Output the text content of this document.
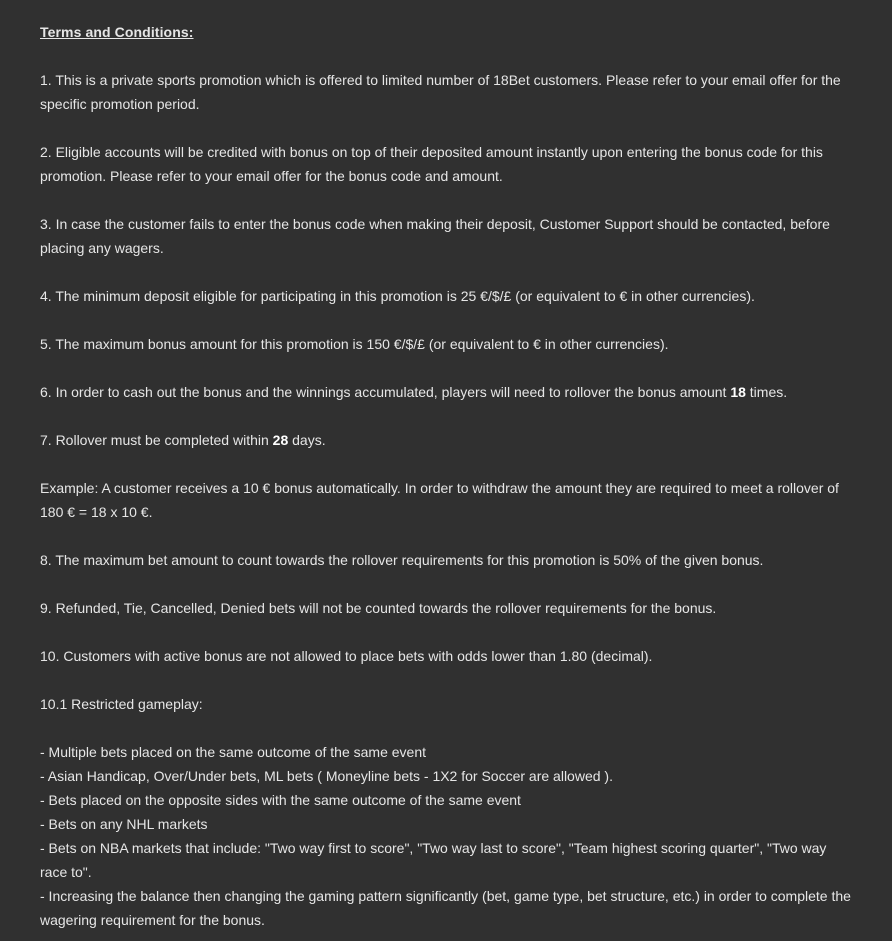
Terms and Conditions:

1. This is a private sports promotion which is offered to limited number of 18Bet customers. Please refer to your email offer for the specific promotion period.

2. Eligible accounts will be credited with bonus on top of their deposited amount instantly upon entering the bonus code for this promotion. Please refer to your email offer for the bonus code and amount.

3. In case the customer fails to enter the bonus code when making their deposit, Customer Support should be contacted, before placing any wagers.

4. The minimum deposit eligible for participating in this promotion is 25 €/$/£ (or equivalent to € in other currencies).

5. The maximum bonus amount for this promotion is 150 €/$/£ (or equivalent to € in other currencies).

6. In order to cash out the bonus and the winnings accumulated, players will need to rollover the bonus amount 18 times.

7. Rollover must be completed within 28 days.

Example: A customer receives a 10 € bonus automatically. In order to withdraw the amount they are required to meet a rollover of 180 € = 18 x 10 €.

8. The maximum bet amount to count towards the rollover requirements for this promotion is 50% of the given bonus.

9. Refunded, Tie, Cancelled, Denied bets will not be counted towards the rollover requirements for the bonus.

10. Customers with active bonus are not allowed to place bets with odds lower than 1.80 (decimal).

10.1 Restricted gameplay:

- Multiple bets placed on the same outcome of the same event
- Asian Handicap, Over/Under bets, ML bets ( Moneyline bets - 1X2 for Soccer are allowed ).
- Bets placed on the opposite sides with the same outcome of the same event
- Bets on any NHL markets
- Bets on NBA markets that include: "Two way first to score", "Two way last to score", "Team highest scoring quarter", "Two way race to".
- Increasing the balance then changing the gaming pattern significantly (bet, game type, bet structure, etc.) in order to complete the wagering requirement for the bonus.
